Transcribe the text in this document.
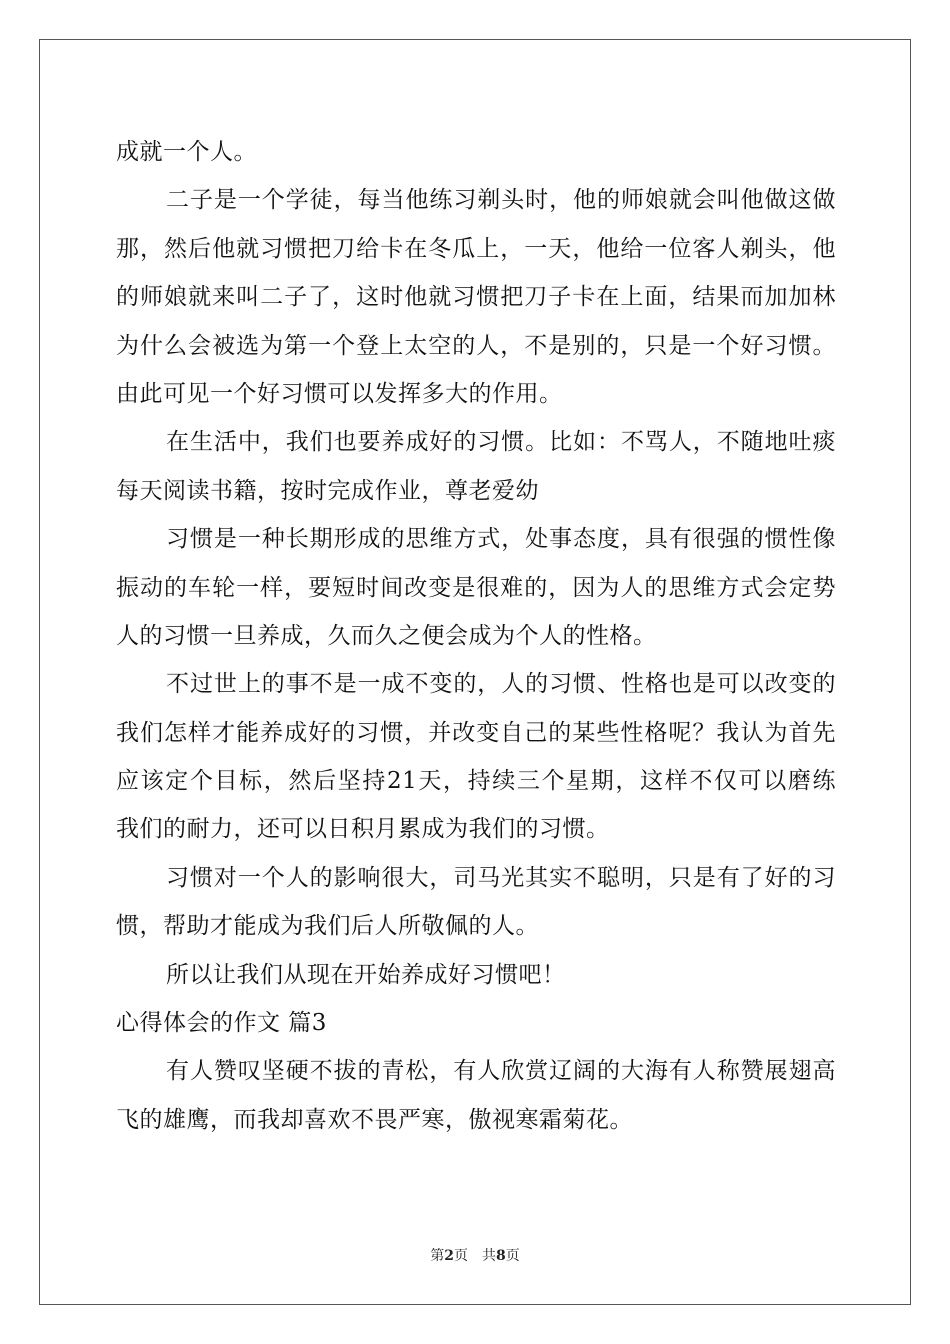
成就一个人。
二子是一个学徒，每当他练习剃头时，他的师娘就会叫他做这做
那，然后他就习惯把刀给卡在冬瓜上，一天，他给一位客人剃头，他
的师娘就来叫二子了，这时他就习惯把刀子卡在上面，结果而加加林
为什么会被选为第一个登上太空的人，不是别的，只是一个好习惯。
由此可见一个好习惯可以发挥多大的作用。
在生活中，我们也要养成好的习惯。比如：不骂人，不随地吐痰
每天阅读书籍，按时完成作业，尊老爱幼
习惯是一种长期形成的思维方式，处事态度，具有很强的惯性像
振动的车轮一样，要短时间改变是很难的，因为人的思维方式会定势
人的习惯一旦养成，久而久之便会成为个人的性格。
不过世上的事不是一成不变的，人的习惯、性格也是可以改变的
我们怎样才能养成好的习惯，并改变自己的某些性格呢？我认为首先
应该定个目标，然后坚持21天，持续三个星期，这样不仅可以磨练
我们的耐力，还可以日积月累成为我们的习惯。
习惯对一个人的影响很大，司马光其实不聪明，只是有了好的习
惯，帮助才能成为我们后人所敬佩的人。
所以让我们从现在开始养成好习惯吧！
心得体会的作文 篇3
有人赞叹坚硬不拔的青松，有人欣赏辽阔的大海有人称赞展翅高
飞的雄鹰，而我却喜欢不畏严寒，傲视寒霜菊花。
第2页 共8页
